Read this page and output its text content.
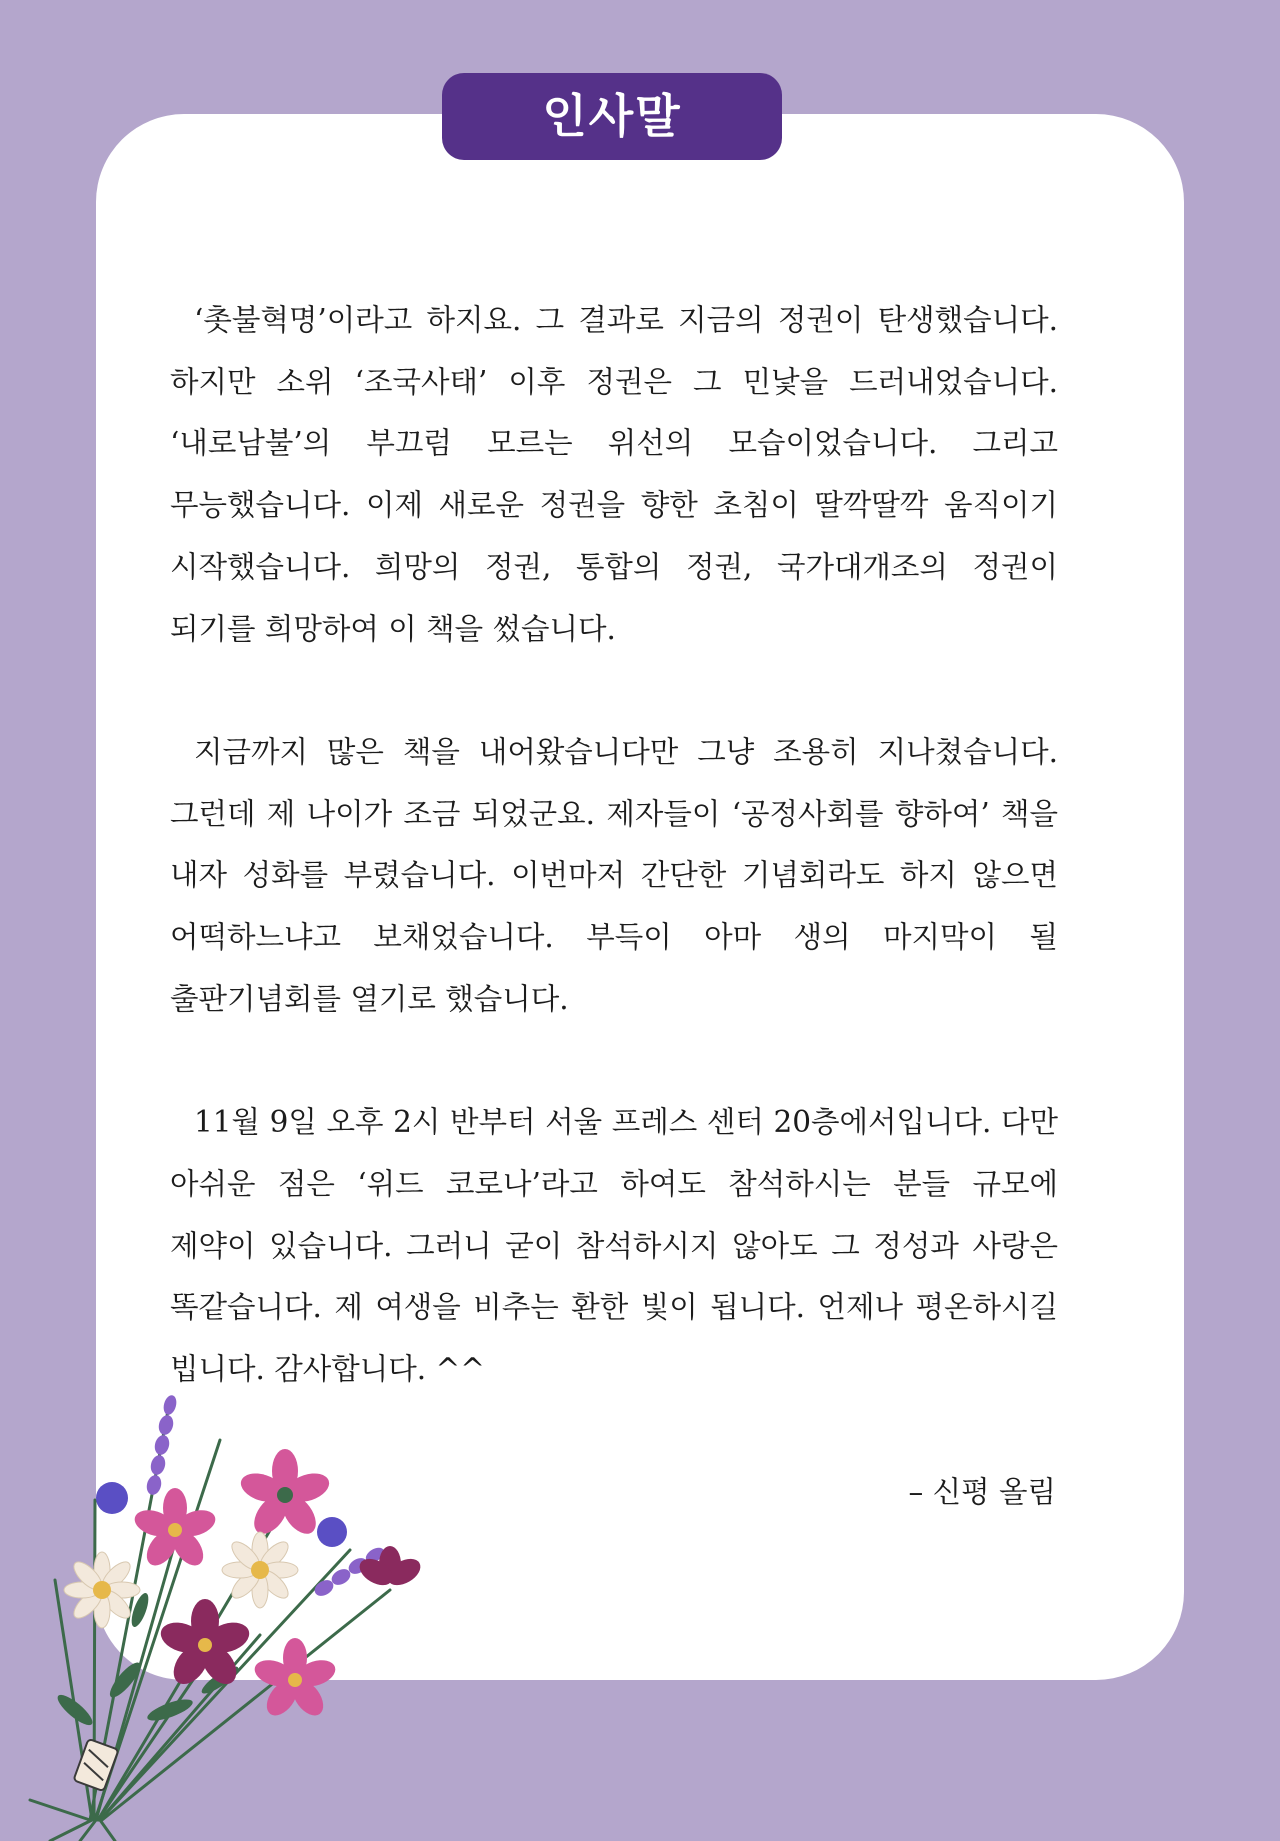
인사말

‘촛불혁명’이라고 하지요. 그 결과로 지금의 정권이 탄생했습니다. 하지만 소위 ‘조국사태’ 이후 정권은 그 민낯을 드러내었습니다. ‘내로남불’의 부끄럼 모르는 위선의 모습이었습니다. 그리고 무능했습니다. 이제 새로운 정권을 향한 초침이 딸깍딸깍 움직이기 시작했습니다. 희망의 정권, 통합의 정권, 국가대개조의 정권이 되기를 희망하여 이 책을 썼습니다.

지금까지 많은 책을 내어왔습니다만 그냥 조용히 지나쳤습니다. 그런데 제 나이가 조금 되었군요. 제자들이 ‘공정사회를 향하여’ 책을 내자 성화를 부렸습니다. 이번마저 간단한 기념회라도 하지 않으면 어떡하느냐고 보채었습니다. 부득이 아마 생의 마지막이 될 출판기념회를 열기로 했습니다.

11월 9일 오후 2시 반부터 서울 프레스 센터 20층에서입니다. 다만 아쉬운 점은 ‘위드 코로나’라고 하여도 참석하시는 분들 규모에 제약이 있습니다. 그러니 굳이 참석하시지 않아도 그 정성과 사랑은 똑같습니다. 제 여생을 비추는 환한 빛이 됩니다. 언제나 평온하시길 빕니다. 감사합니다. ^^

– 신평 올림
